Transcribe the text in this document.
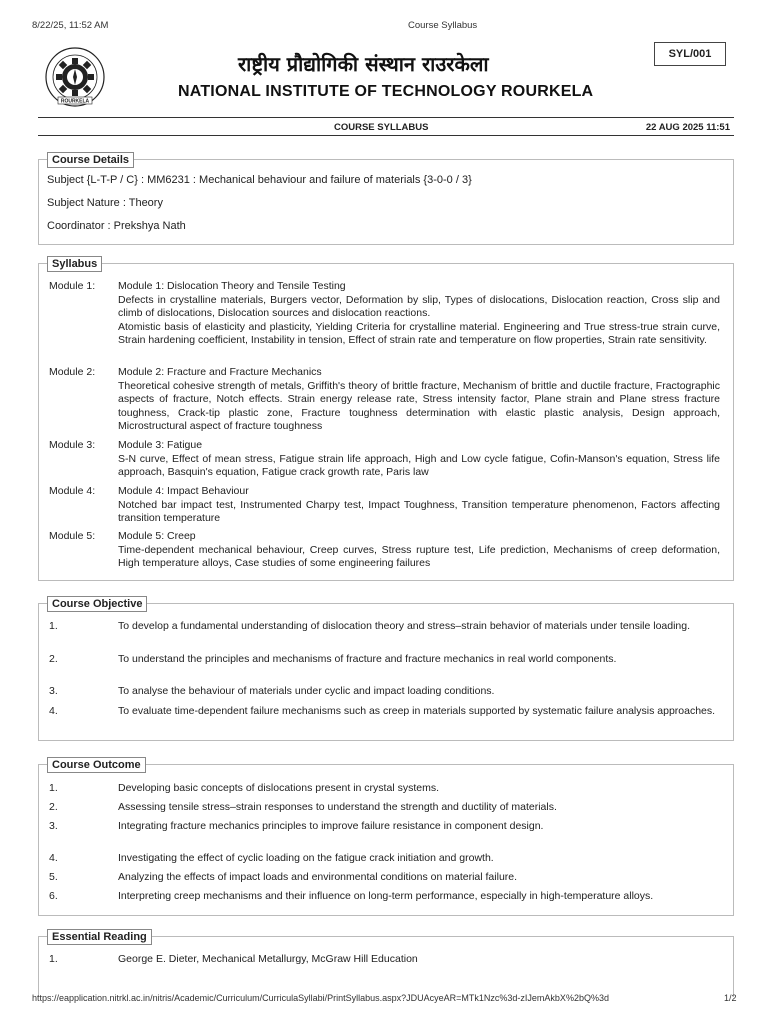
8/22/25, 11:52 AM	Course Syllabus
ROURKELA
राष्ट्रीय प्रौद्योगिकी संस्थान राउरकेला
NATIONAL INSTITUTE OF TECHNOLOGY ROURKELA
SYL/001
COURSE SYLLABUS	22 AUG 2025 11:51
Course Details
Subject {L-T-P / C} : MM6231 : Mechanical behaviour and failure of materials {3-0-0 / 3}
Subject Nature : Theory
Coordinator : Prekshya Nath
Syllabus
Module 1: Module 1: Dislocation Theory and Tensile Testing
Defects in crystalline materials, Burgers vector, Deformation by slip, Types of dislocations, Dislocation reaction, Cross slip and climb of dislocations, Dislocation sources and dislocation reactions.
Atomistic basis of elasticity and plasticity, Yielding Criteria for crystalline material. Engineering and True stress-true strain curve, Strain hardening coefficient, Instability in tension, Effect of strain rate and temperature on flow properties, Strain rate sensitivity.
Module 2: Module 2: Fracture and Fracture Mechanics
Theoretical cohesive strength of metals, Griffith's theory of brittle fracture, Mechanism of brittle and ductile fracture, Fractographic aspects of fracture, Notch effects. Strain energy release rate, Stress intensity factor, Plane strain and Plane stress fracture toughness, Crack-tip plastic zone, Fracture toughness determination with elastic plastic analysis, Design approach, Microstructural aspect of fracture toughness
Module 3: Module 3: Fatigue
S-N curve, Effect of mean stress, Fatigue strain life approach, High and Low cycle fatigue, Cofin-Manson's equation, Stress life approach, Basquin's equation, Fatigue crack growth rate, Paris law
Module 4: Module 4: Impact Behaviour
Notched bar impact test, Instrumented Charpy test, Impact Toughness, Transition temperature phenomenon, Factors affecting transition temperature
Module 5: Module 5: Creep
Time-dependent mechanical behaviour, Creep curves, Stress rupture test, Life prediction, Mechanisms of creep deformation, High temperature alloys, Case studies of some engineering failures
Course Objective
1.	To develop a fundamental understanding of dislocation theory and stress–strain behavior of materials under tensile loading.
2.	To understand the principles and mechanisms of fracture and fracture mechanics in real world components.
3.	To analyse the behaviour of materials under cyclic and impact loading conditions.
4.	To evaluate time-dependent failure mechanisms such as creep in materials supported by systematic failure analysis approaches.
Course Outcome
1.	Developing basic concepts of dislocations present in crystal systems.
2.	Assessing tensile stress–strain responses to understand the strength and ductility of materials.
3.	Integrating fracture mechanics principles to improve failure resistance in component design.
4.	Investigating the effect of cyclic loading on the fatigue crack initiation and growth.
5.	Analyzing the effects of impact loads and environmental conditions on material failure.
6.	Interpreting creep mechanisms and their influence on long-term performance, especially in high-temperature alloys.
Essential Reading
1.	George E. Dieter, Mechanical Metallurgy, McGraw Hill Education
https://eapplication.nitrkl.ac.in/nitris/Academic/Curriculum/CurriculaSyllabi/PrintSyllabus.aspx?JDUAcyeAR=MTk1Nzc%3d-zIJemAkbX%2bQ%3d	1/2
